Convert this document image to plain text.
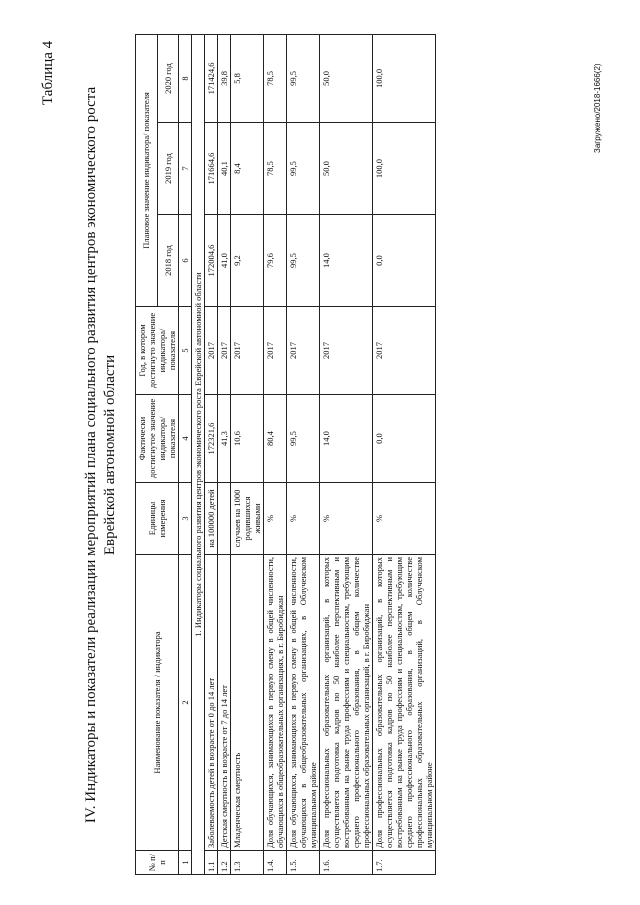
Таблица 4
IV. Индикаторы и показатели реализации мероприятий плана социального развития центров экономического роста Еврейской автономной области
№ п/п	Наименование показателя / индикатора	Единицы измерения	Фактически достигнутое значение индикатора/ показателя	Год, в котором достигнуто значение индикатора/ показателя	Плановое значение индикатора/ показателя		
					2018 год	2019 год	2020 год
1	2	3	4	5	6	7	8
1. Индикаторы социального развития центров экономического роста Еврейской автономной области							
1.1	Заболеваемость детей в возрасте от 0 до 14 лет	на 100000 детей	172321,6	2017	172004,6	171664,6	171424,6
1.2	Детская смертность в возрасте от 7 до 14 лет		41,3	2017	41,0	40,1	39,8
1.3	Младенческая смертность	случаев на 1000 родившихся живыми	10,6	2017	9,2	8,4	5,8
1.4.	Доля обучающихся, занимающихся в первую смену в общей численности, обучающихся в общеобразовательных организациях, в г. Биробиджан	%	80,4	2017	79,6	78,5	78,5
1.5.	Доля обучающихся, занимающихся в первую смену в общей численности, обучающихся в общеобразовательных организациях, в Облученском муниципальном районе	%	99,5	2017	99,5	99,5	99,5
1.6.	Доля профессиональных образовательных организаций, в которых осуществляется подготовка кадров по 50 наиболее перспективным и востребованным на рынке труда профессиям и специальностям, требующим среднего профессионального образования, в общем количестве профессиональных образовательных организаций, в г. Биробиджан	%	14,0	2017	14,0	50,0	50,0
1.7.	Доля профессиональных образовательных организаций, в которых осуществляется подготовка кадров по 50 наиболее перспективным и востребованным на рынке труда профессиям и специальностям, требующим среднего профессионального образования, в общем количестве профессиональных образовательных организаций, в Облученском муниципальном районе	%	0,0	2017	0,0	100,0	100,0	Загружено/2018-1666(2)
